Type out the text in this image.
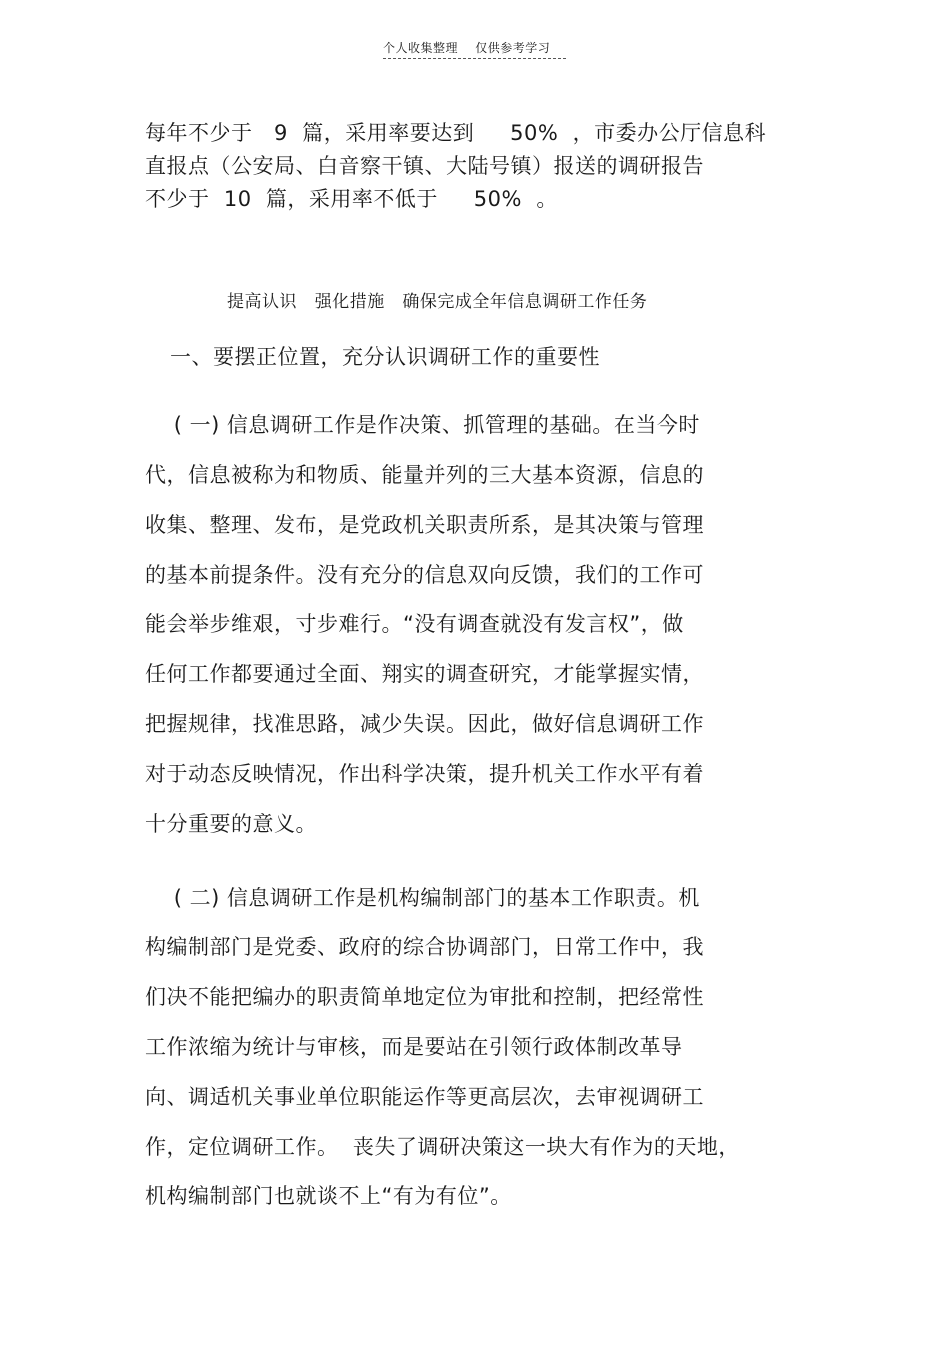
个人收集整理    仅供参考学习
每年不少于   9  篇，采用率要达到     50%  ，市委办公厅信息科
直报点（公安局、白音察干镇、大陆号镇）报送的调研报告
不少于  10  篇，采用率不低于     50%  。
提高认识   强化措施   确保完成全年信息调研工作任务
一、要摆正位置，充分认识调研工作的重要性
( 一) 信息调研工作是作决策、抓管理的基础。在当今时
代，信息被称为和物质、能量并列的三大基本资源，信息的
收集、整理、发布，是党政机关职责所系，是其决策与管理
的基本前提条件。没有充分的信息双向反馈，我们的工作可
能会举步维艰，寸步难行。“没有调查就没有发言权”，做
任何工作都要通过全面、翔实的调查研究，才能掌握实情，
把握规律，找准思路，减少失误。因此，做好信息调研工作
对于动态反映情况，作出科学决策，提升机关工作水平有着
十分重要的意义。
( 二) 信息调研工作是机构编制部门的基本工作职责。机
构编制部门是党委、政府的综合协调部门，日常工作中，我
们决不能把编办的职责简单地定位为审批和控制，把经常性
工作浓缩为统计与审核，而是要站在引领行政体制改革导
向、调适机关事业单位职能运作等更高层次，去审视调研工
作，定位调研工作。  丧失了调研决策这一块大有作为的天地，
机构编制部门也就谈不上“有为有位”。
